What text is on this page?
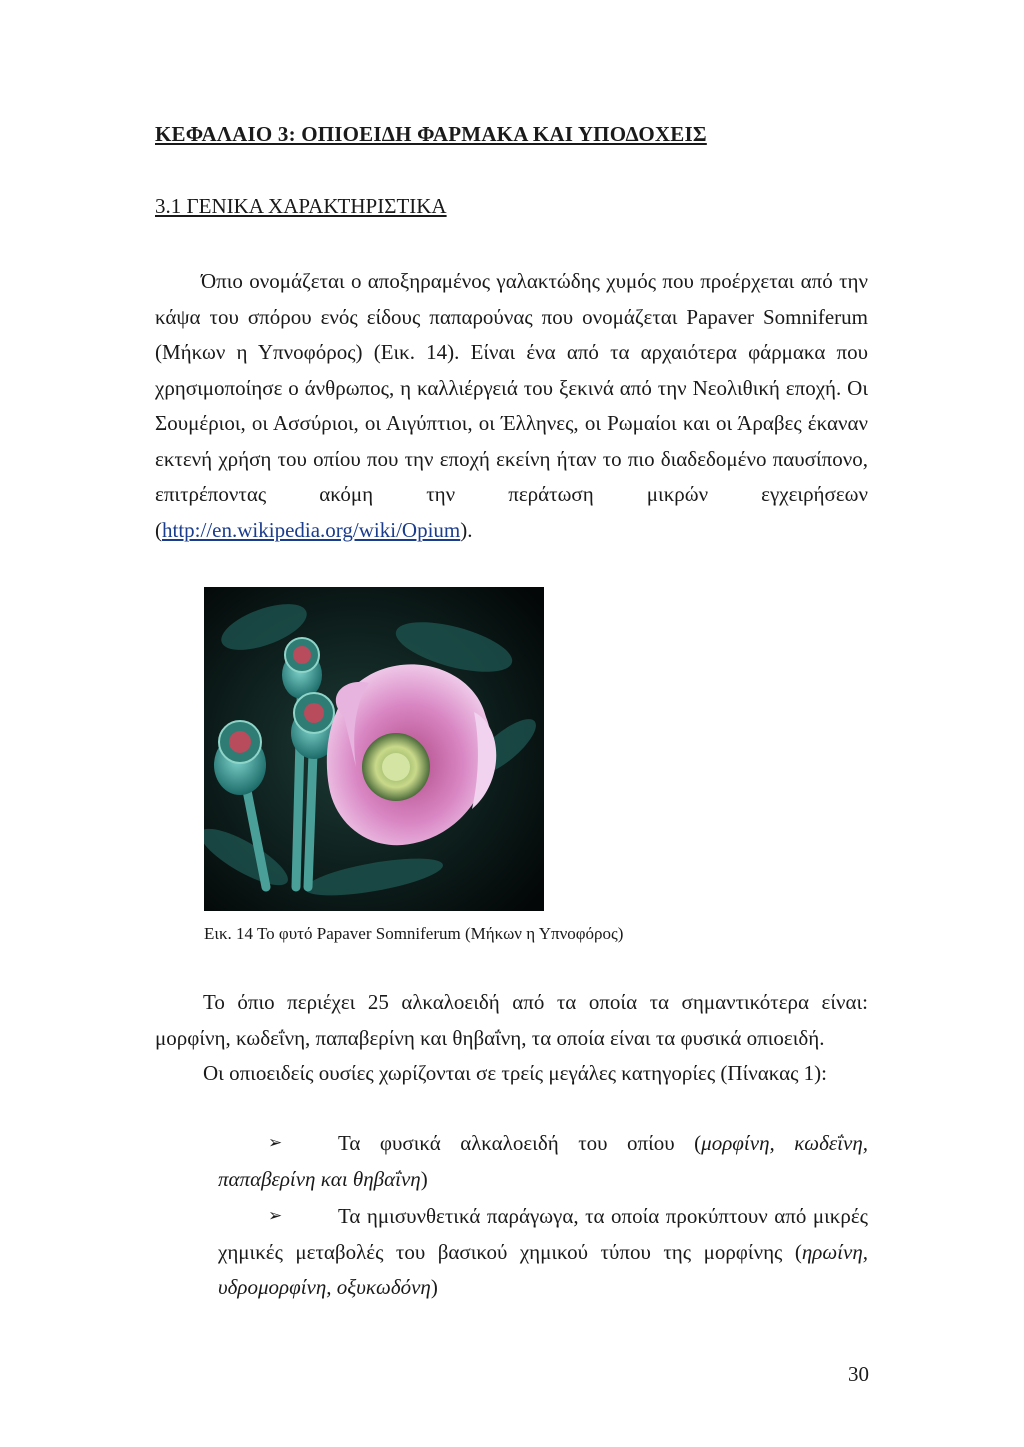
ΚΕΦΑΛΑΙΟ 3: ΟΠΙΟΕΙΔΗ ΦΑΡΜΑΚΑ ΚΑΙ ΥΠΟΔΟΧΕΙΣ
3.1 ΓΕΝΙΚΑ ΧΑΡΑΚΤΗΡΙΣΤΙΚΑ

Όπιο ονομάζεται ο αποξηραμένος γαλακτώδης χυμός που προέρχεται από την κάψα του σπόρου ενός είδους παπαρούνας που ονομάζεται Papaver Somniferum (Μήκων η Υπνοφόρος) (Εικ. 14). Είναι ένα από τα αρχαιότερα φάρμακα που χρησιμοποίησε ο άνθρωπος, η καλλιέργειά του ξεκινά από την Νεολιθική εποχή. Οι Σουμέριοι, οι Ασσύριοι, οι Αιγύπτιοι, οι Έλληνες, οι Ρωμαίοι και οι Άραβες έκαναν εκτενή χρήση του οπίου που την εποχή εκείνη ήταν το πιο διαδεδομένο παυσίπονο, επιτρέποντας ακόμη την περάτωση μικρών εγχειρήσεων (http://en.wikipedia.org/wiki/Opium).

Εικ. 14 Το φυτό Papaver Somniferum (Μήκων η Υπνοφόρος)

Το όπιο περιέχει 25 αλκαλοειδή από τα οποία τα σημαντικότερα είναι: μορφίνη, κωδεΐνη, παπαβερίνη και θηβαΐνη, τα οποία είναι τα φυσικά οπιοειδή.

Οι οπιοειδείς ουσίες χωρίζονται σε τρείς μεγάλες κατηγορίες (Πίνακας 1):

➢	Τα φυσικά αλκαλοειδή του οπίου (μορφίνη, κωδεΐνη, παπαβερίνη και θηβαΐνη)

➢	Τα ημισυνθετικά παράγωγα, τα οποία προκύπτουν από μικρές χημικές μεταβολές του βασικού χημικού τύπου της μορφίνης (ηρωίνη, υδρομορφίνη, οξυκωδόνη)

30
